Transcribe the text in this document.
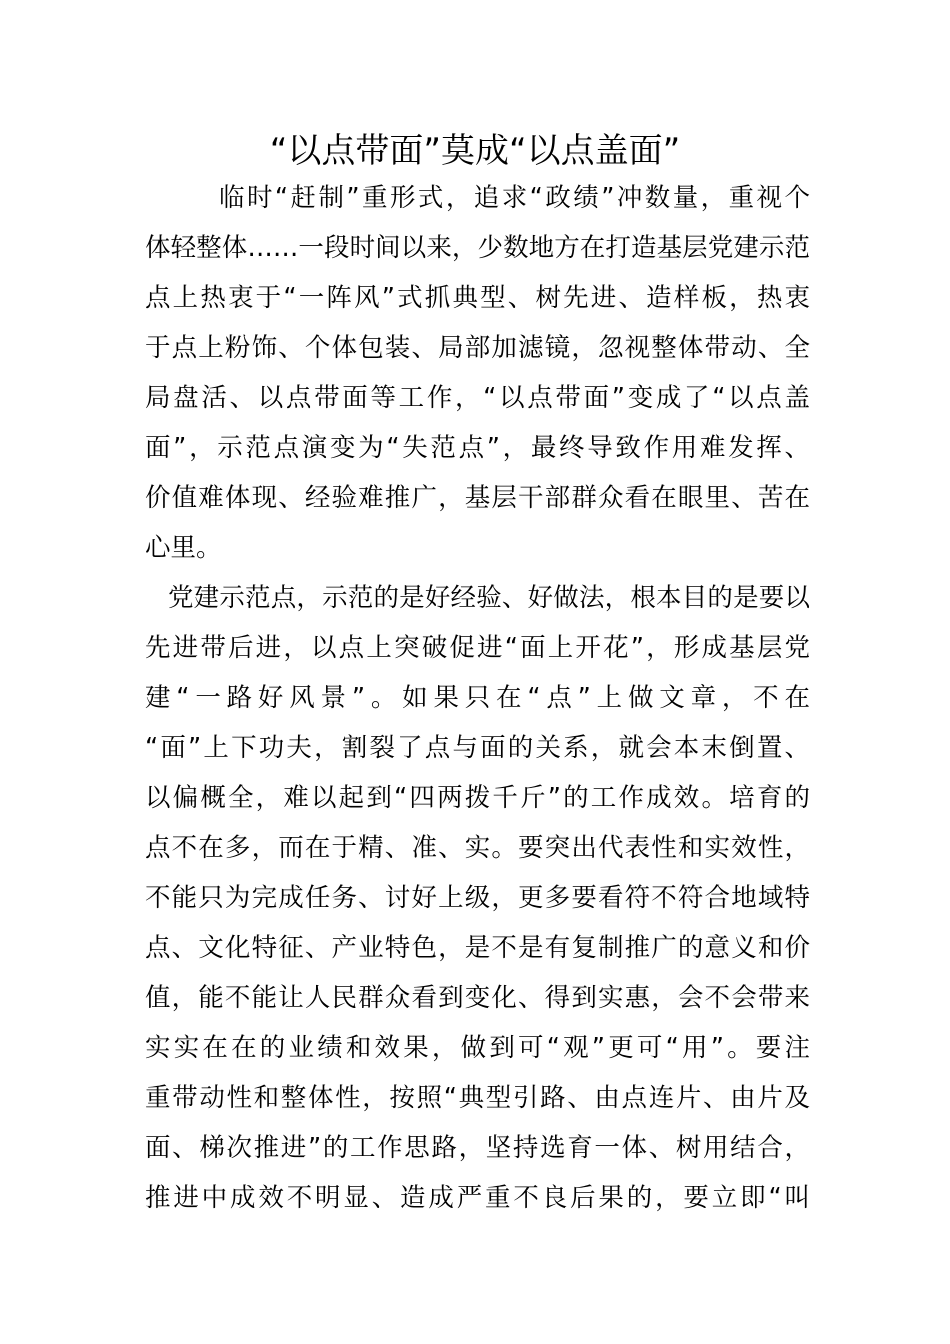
“以点带面”莫成“以点盖面”
临时“赶制”重形式，追求“政绩”冲数量，重视个
体轻整体……一段时间以来，少数地方在打造基层党建示范
点上热衷于“一阵风”式抓典型、树先进、造样板，热衷
于点上粉饰、个体包装、局部加滤镜，忽视整体带动、全
局盘活、以点带面等工作，“以点带面”变成了“以点盖
面”，示范点演变为“失范点”，最终导致作用难发挥、
价值难体现、经验难推广，基层干部群众看在眼里、苦在
心里。
党建示范点，示范的是好经验、好做法，根本目的是要以
先进带后进，以点上突破促进“面上开花”，形成基层党
建“一路好风景”。如果只在“点”上做文章，不在
“面”上下功夫，割裂了点与面的关系，就会本末倒置、
以偏概全，难以起到“四两拨千斤”的工作成效。培育的
点不在多，而在于精、准、实。要突出代表性和实效性，
不能只为完成任务、讨好上级，更多要看符不符合地域特
点、文化特征、产业特色，是不是有复制推广的意义和价
值，能不能让人民群众看到变化、得到实惠，会不会带来
实实在在的业绩和效果，做到可“观”更可“用”。要注
重带动性和整体性，按照“典型引路、由点连片、由片及
面、梯次推进”的工作思路，坚持选育一体、树用结合，
推进中成效不明显、造成严重不良后果的，要立即“叫
